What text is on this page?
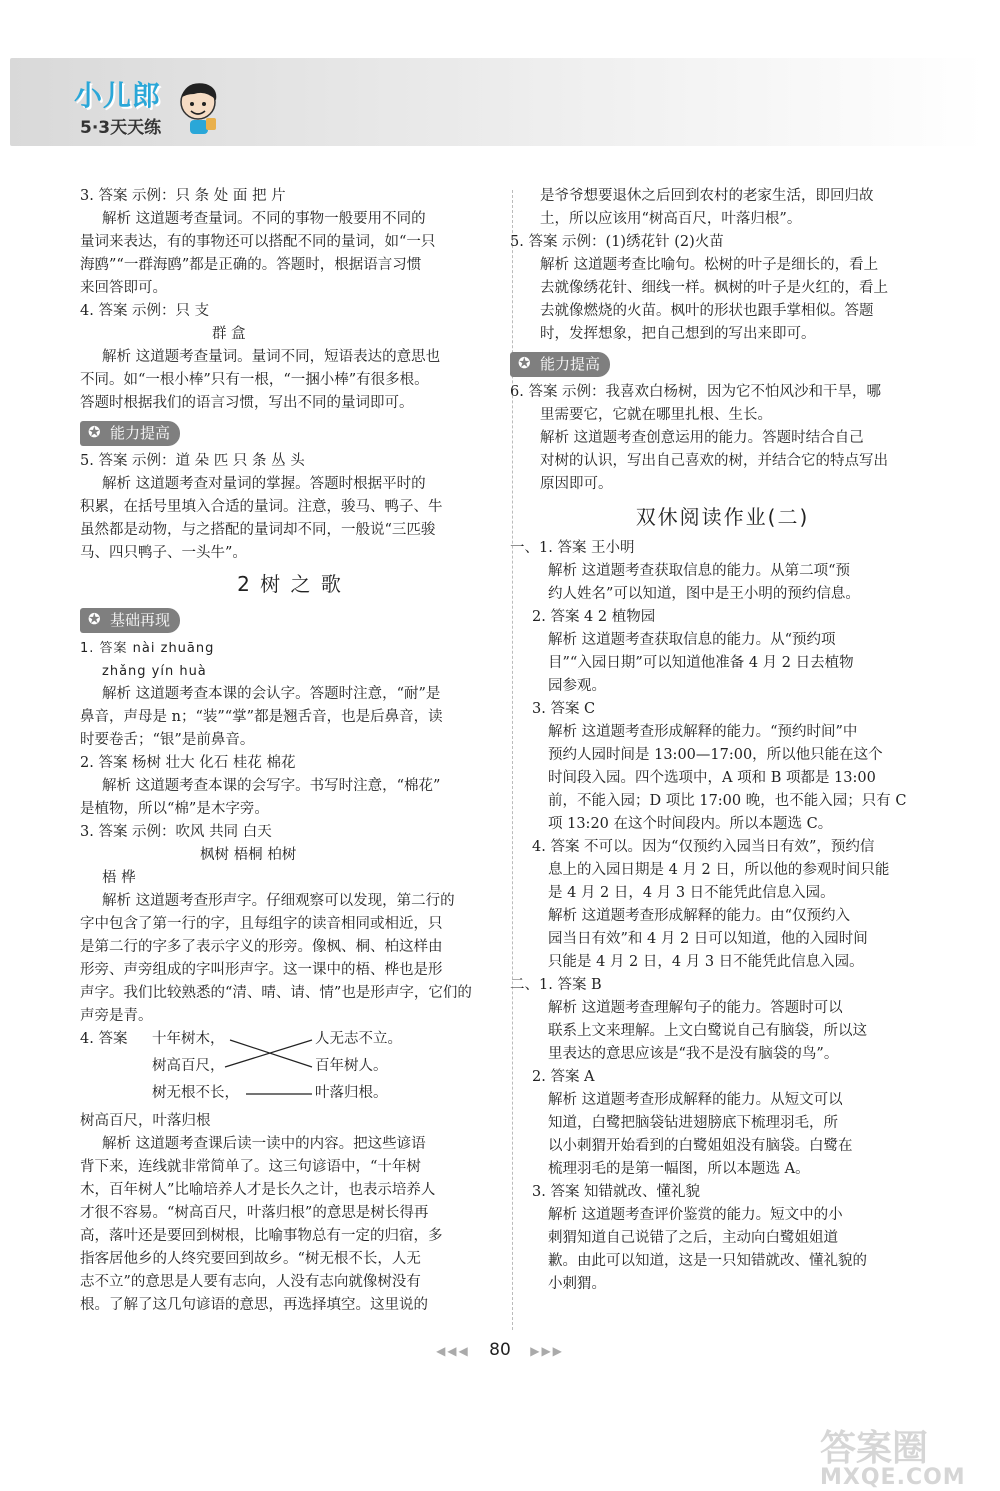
小儿郎
5·3天天练

3. 答案 示例：只 条 处 面 把 片

解析 这道题考查量词。不同的事物一般要用不同的

量词来表达，有的事物还可以搭配不同的量词，如“一只

海鸥”“一群海鸥”都是正确的。答题时，根据语言习惯

来回答即可。

4. 答案 示例：只 支

群 盒

解析 这道题考查量词。量词不同，短语表达的意思也

不同。如“一根小棒”只有一根，“一捆小棒”有很多根。

答题时根据我们的语言习惯，写出不同的量词即可。

✪ 能力提高

5. 答案 示例：道 朵 匹 只 条 丛 头

解析 这道题考查对量词的掌握。答题时根据平时的

积累，在括号里填入合适的量词。注意，骏马、鸭子、牛

虽然都是动物，与之搭配的量词却不同，一般说“三匹骏

马、四只鸭子、一头牛”。

2 树 之 歌
✪ 基础再现

1. 答案 nài zhuāng

zhǎng yín huà

解析 这道题考查本课的会认字。答题时注意，“耐”是

鼻音，声母是 n；“装”“掌”都是翘舌音，也是后鼻音，读

时要卷舌；“银”是前鼻音。

2. 答案 杨树 壮大 化石 桂花 棉花

解析 这道题考查本课的会写字。书写时注意，“棉花”

是植物，所以“棉”是木字旁。

3. 答案 示例：吹风 共同 白天

枫树 梧桐 柏树

梧 桦

解析 这道题考查形声字。仔细观察可以发现，第二行的

字中包含了第一行的字，且每组字的读音相同或相近，只

是第二行的字多了表示字义的形旁。像枫、桐、柏这样由

形旁、声旁组成的字叫形声字。这一课中的梧、桦也是形

声字。我们比较熟悉的“清、晴、请、情”也是形声字，它们的

声旁是青。

4. 答案 十年树木，
树高百尺，
树无根不长，
人无志不立。
百年树人。
叶落归根。

树高百尺，叶落归根

解析 这道题考查课后读一读中的内容。把这些谚语

背下来，连线就非常简单了。这三句谚语中，“十年树

木，百年树人”比喻培养人才是长久之计，也表示培养人

才很不容易。“树高百尺，叶落归根”的意思是树长得再

高，落叶还是要回到树根，比喻事物总有一定的归宿，多

指客居他乡的人终究要回到故乡。“树无根不长，人无

志不立”的意思是人要有志向，人没有志向就像树没有

根。了解了这几句谚语的意思，再选择填空。这里说的

是爷爷想要退休之后回到农村的老家生活，即回归故

土，所以应该用“树高百尺，叶落归根”。

5. 答案 示例：(1)绣花针 (2)火苗

解析 这道题考查比喻句。松树的叶子是细长的，看上

去就像绣花针、细线一样。枫树的叶子是火红的，看上

去就像燃烧的火苗。枫叶的形状也跟手掌相似。答题

时，发挥想象，把自己想到的写出来即可。

✪ 能力提高

6. 答案 示例：我喜欢白杨树，因为它不怕风沙和干旱，哪

里需要它，它就在哪里扎根、生长。

解析 这道题考查创意运用的能力。答题时结合自己

对树的认识，写出自己喜欢的树，并结合它的特点写出

原因即可。

双休阅读作业(二)

一、1. 答案 王小明

解析 这道题考查获取信息的能力。从第二项“预

约人姓名”可以知道，图中是王小明的预约信息。

2. 答案 4 2 植物园

解析 这道题考查获取信息的能力。从“预约项

目”“入园日期”可以知道他准备 4 月 2 日去植物

园参观。

3. 答案 C

解析 这道题考查形成解释的能力。“预约时间”中

预约人园时间是 13:00—17:00，所以他只能在这个

时间段入园。四个选项中，A 项和 B 项都是 13:00

前，不能入园；D 项比 17:00 晚，也不能入园；只有 C

项 13:20 在这个时间段内。所以本题选 C。

4. 答案 不可以。因为“仅预约入园当日有效”，预约信

息上的入园日期是 4 月 2 日，所以他的参观时间只能

是 4 月 2 日，4 月 3 日不能凭此信息入园。

解析 这道题考查形成解释的能力。由“仅预约入

园当日有效”和 4 月 2 日可以知道，他的入园时间

只能是 4 月 2 日，4 月 3 日不能凭此信息入园。

二、1. 答案 B

解析 这道题考查理解句子的能力。答题时可以

联系上文来理解。上文白鹭说自己有脑袋，所以这

里表达的意思应该是“我不是没有脑袋的鸟”。

2. 答案 A

解析 这道题考查形成解释的能力。从短文可以

知道，白鹭把脑袋钻进翅膀底下梳理羽毛，所

以小刺猬开始看到的白鹭姐姐没有脑袋。白鹭在

梳理羽毛的是第一幅图，所以本题选 A。

3. 答案 知错就改、懂礼貌

解析 这道题考查评价鉴赏的能力。短文中的小

刺猬知道自己说错了之后，主动向白鹭姐姐道

歉。由此可以知道，这是一只知错就改、懂礼貌的

小刺猬。

◀◀◀ 80 ▶▶▶
答案圈
MXQE.COM
